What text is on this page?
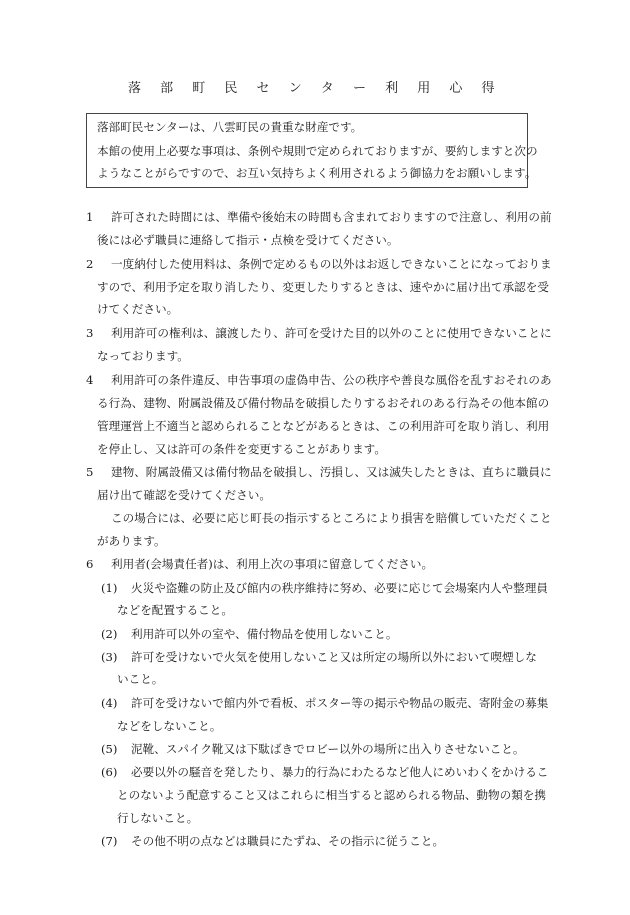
落 部 町 民 セ ン タ ー 利 用 心 得
落部町民センターは、八雲町民の貴重な財産です。
本館の使用上必要な事項は、条例や規則で定められておりますが、要約しますと次の
ようなことがらですので、お互い気持ちよく利用されるよう御協力をお願いします。
1 許可された時間には、準備や後始末の時間も含まれておりますので注意し、利用の前
後には必ず職員に連絡して指示・点検を受けてください。
2 一度納付した使用料は、条例で定めるもの以外はお返しできないことになっておりま
すので、利用予定を取り消したり、変更したりするときは、速やかに届け出て承認を受
けてください。
3 利用許可の権利は、譲渡したり、許可を受けた目的以外のことに使用できないことに
なっております。
4 利用許可の条件違反、申告事項の虚偽申告、公の秩序や善良な風俗を乱すおそれのあ
る行為、建物、附属設備及び備付物品を破損したりするおそれのある行為その他本館の
管理運営上不適当と認められることなどがあるときは、この利用許可を取り消し、利用
を停止し、又は許可の条件を変更することがあります。
5 建物、附属設備又は備付物品を破損し、汚損し、又は滅失したときは、直ちに職員に
届け出て確認を受けてください。
この場合には、必要に応じ町長の指示するところにより損害を賠償していただくこと
があります。
6 利用者(会場責任者)は、利用上次の事項に留意してください。
(1) 火災や盗難の防止及び館内の秩序維持に努め、必要に応じて会場案内人や整理員
などを配置すること。
(2) 利用許可以外の室や、備付物品を使用しないこと。
(3) 許可を受けないで火気を使用しないこと又は所定の場所以外において喫煙しな
いこと。
(4) 許可を受けないで館内外で看板、ポスター等の掲示や物品の販売、寄附金の募集
などをしないこと。
(5) 泥靴、スパイク靴又は下駄ばきでロビー以外の場所に出入りさせないこと。
(6) 必要以外の騒音を発したり、暴力的行為にわたるなど他人にめいわくをかけるこ
とのないよう配意すること又はこれらに相当すると認められる物品、動物の類を携
行しないこと。
(7) その他不明の点などは職員にたずね、その指示に従うこと。
